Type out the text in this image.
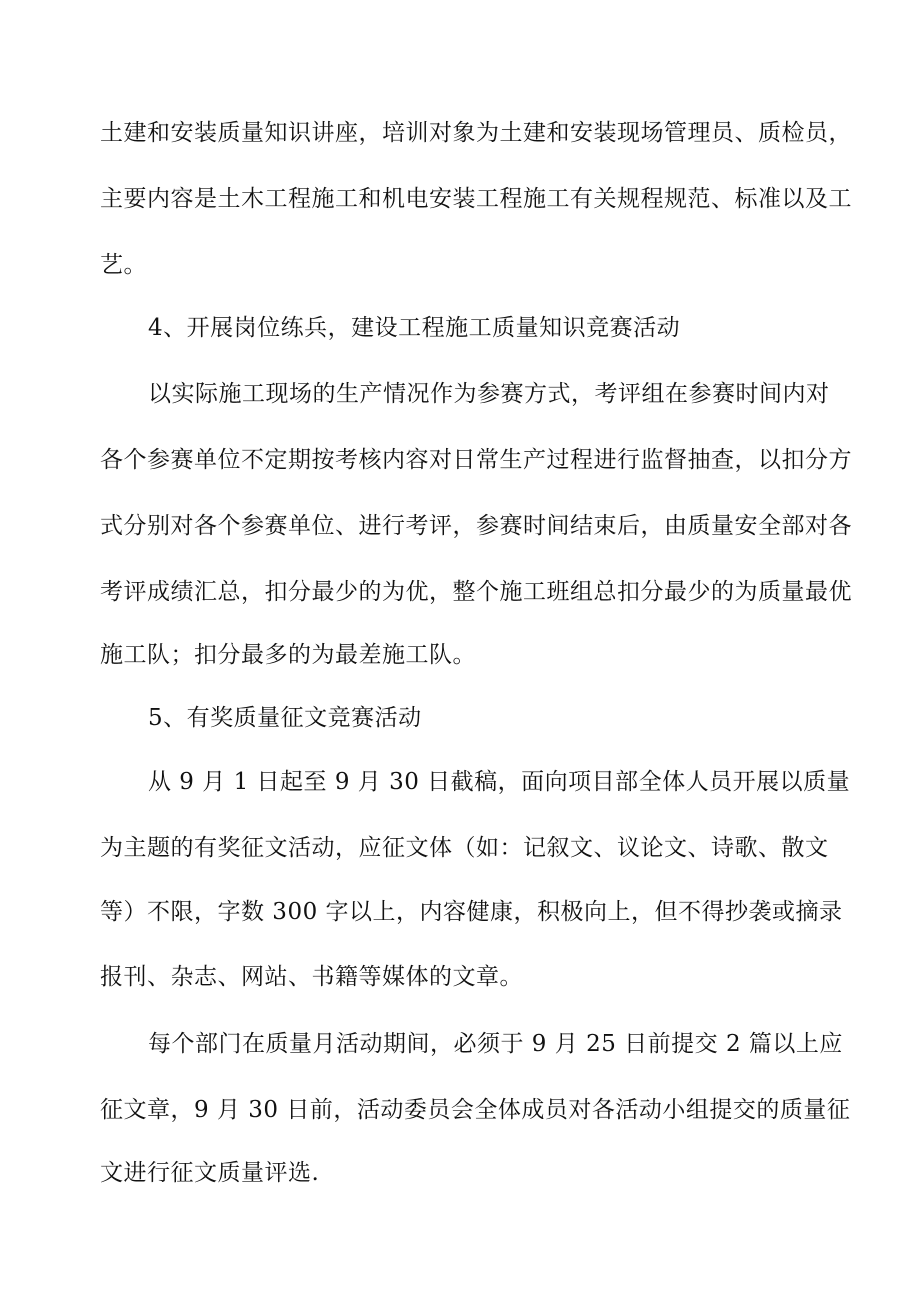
土建和安装质量知识讲座，培训对象为土建和安装现场管理员、质检员，
主要内容是土木工程施工和机电安装工程施工有关规程规范、标准以及工
艺。
4、开展岗位练兵，建设工程施工质量知识竞赛活动
以实际施工现场的生产情况作为参赛方式，考评组在参赛时间内对
各个参赛单位不定期按考核内容对日常生产过程进行监督抽查，以扣分方
式分别对各个参赛单位、进行考评，参赛时间结束后，由质量安全部对各
考评成绩汇总，扣分最少的为优，整个施工班组总扣分最少的为质量最优
施工队；扣分最多的为最差施工队。
5、有奖质量征文竞赛活动
从 9 月 1 日起至 9 月 30 日截稿，面向项目部全体人员开展以质量
为主题的有奖征文活动，应征文体（如：记叙文、议论文、诗歌、散文
等）不限，字数 300 字以上，内容健康，积极向上，但不得抄袭或摘录
报刊、杂志、网站、书籍等媒体的文章。
每个部门在质量月活动期间，必须于 9 月 25 日前提交 2 篇以上应
征文章，9 月 30 日前，活动委员会全体成员对各活动小组提交的质量征
文进行征文质量评选.
